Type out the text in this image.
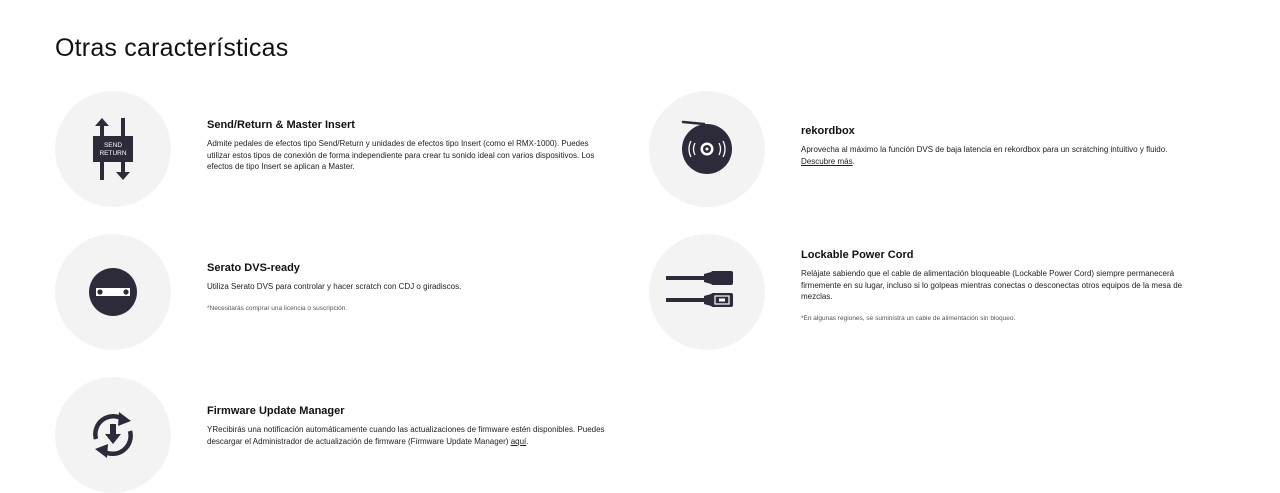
Otras características
SEND
RETURN
Send/Return & Master Insert

Admite pedales de efectos tipo Send/Return y unidades de efectos tipo Insert (como el RMX-1000). Puedes utilizar estos tipos de conexión de forma independiente para crear tu sonido ideal con varios dispositivos. Los efectos de tipo Insert se aplican a Master.

Serato DVS-ready

Utiliza Serato DVS para controlar y hacer scratch con CDJ o giradiscos.

*Necesitarás comprar una licencia o suscripción.

Firmware Update Manager

YRecibirás una notificación automáticamente cuando las actualizaciones de firmware estén disponibles. Puedes descargar el Administrador de actualización de firmware (Firmware Update Manager) aquí.

rekordbox

Aprovecha al máximo la función DVS de baja latencia en rekordbox para un scratching intuitivo y fluido. Descubre más.

Lockable Power Cord

Relájate sabiendo que el cable de alimentación bloqueable (Lockable Power Cord) siempre permanecerá firmemente en su lugar, incluso si lo golpeas mientras conectas o desconectas otros equipos de la mesa de mezclas.

*En algunas regiones, se suministra un cable de alimentación sin bloqueo.
